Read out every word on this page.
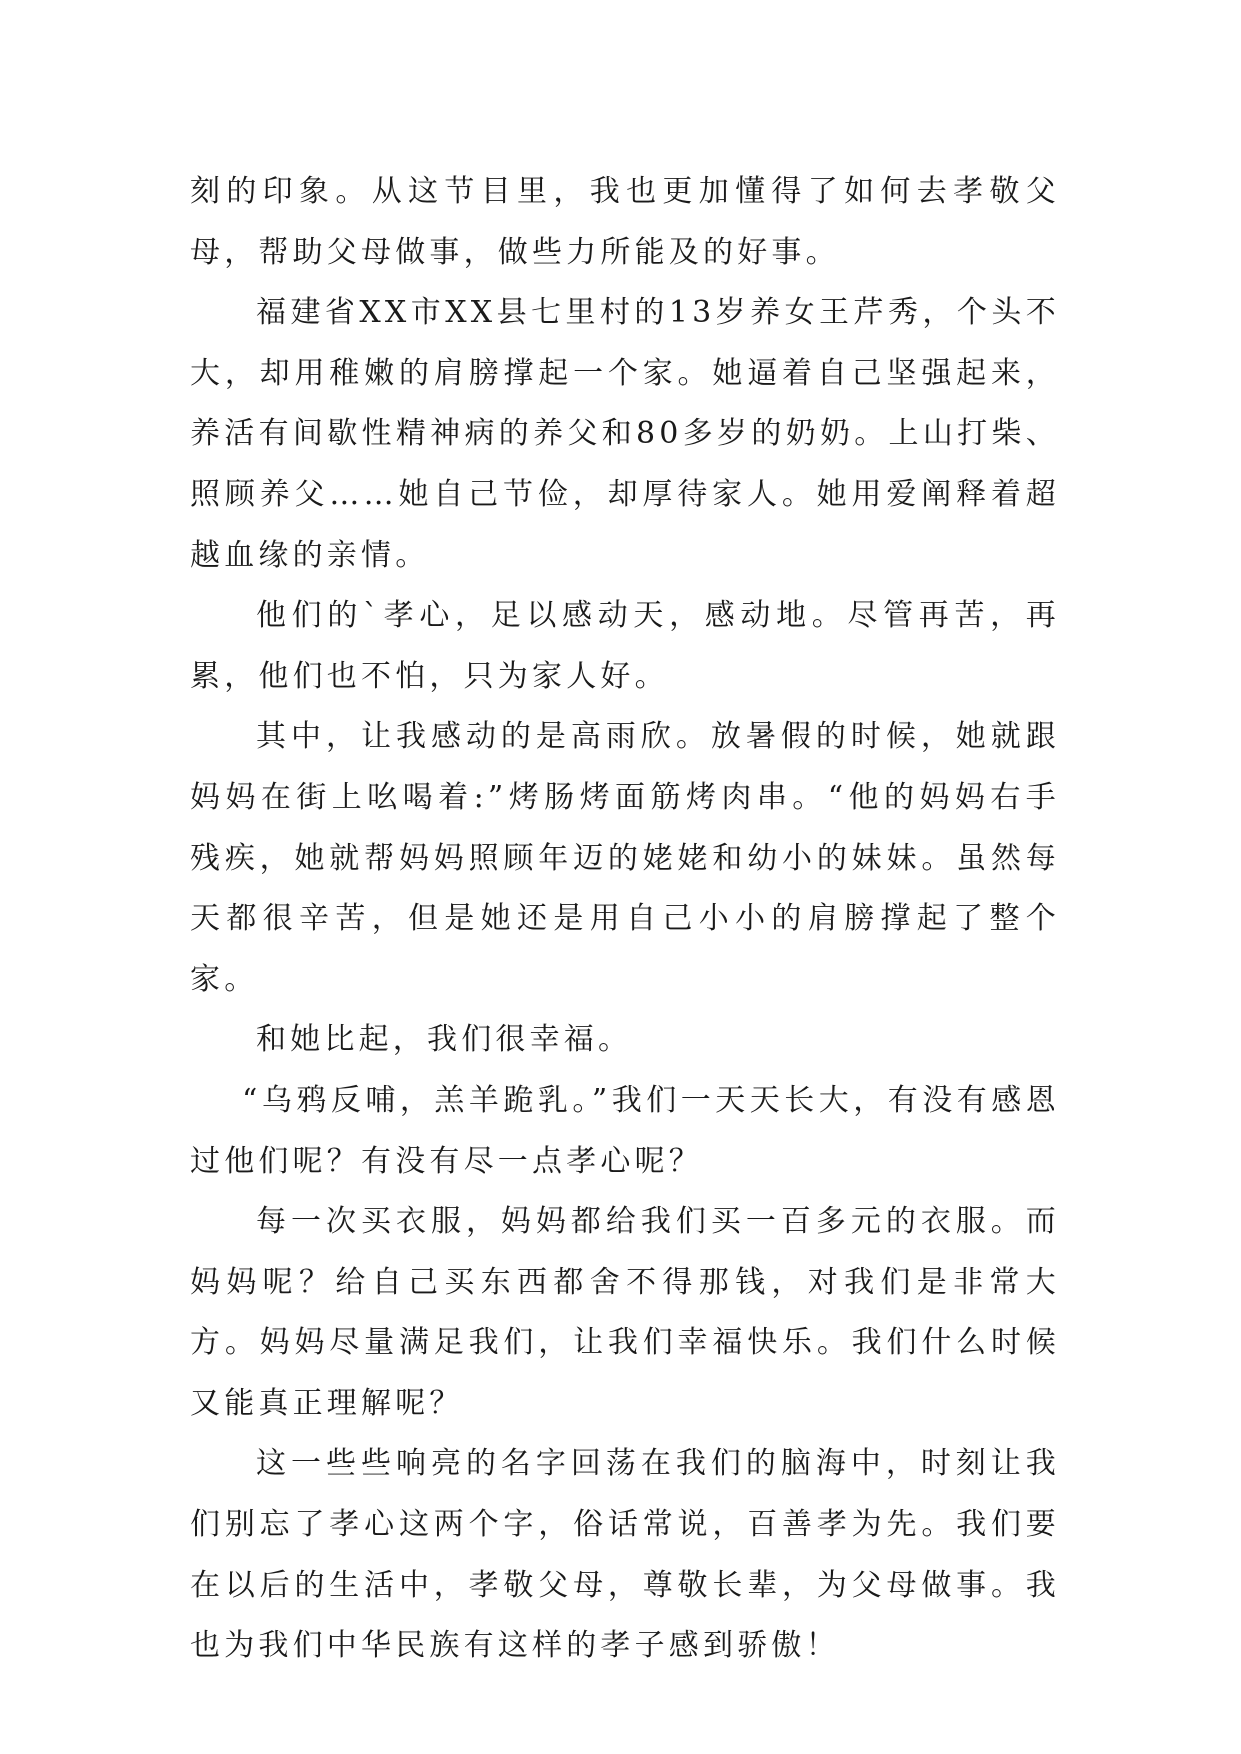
刻的印象。从这节目里，我也更加懂得了如何去孝敬父母，帮助父母做事，做些力所能及的好事。

福建省XX市XX县七里村的13岁养女王芹秀，个头不大，却用稚嫩的肩膀撑起一个家。她逼着自己坚强起来，养活有间歇性精神病的养父和80多岁的奶奶。上山打柴、照顾养父……她自己节俭，却厚待家人。她用爱阐释着超越血缘的亲情。

他们的`孝心，足以感动天，感动地。尽管再苦，再累，他们也不怕，只为家人好。

其中，让我感动的是高雨欣。放暑假的时候，她就跟妈妈在街上吆喝着:”烤肠烤面筋烤肉串。“他的妈妈右手残疾，她就帮妈妈照顾年迈的姥姥和幼小的妹妹。虽然每天都很辛苦，但是她还是用自己小小的肩膀撑起了整个家。

和她比起，我们很幸福。

“乌鸦反哺，羔羊跪乳。”我们一天天长大，有没有感恩过他们呢？有没有尽一点孝心呢？

每一次买衣服，妈妈都给我们买一百多元的衣服。而妈妈呢？给自己买东西都舍不得那钱，对我们是非常大方。妈妈尽量满足我们，让我们幸福快乐。我们什么时候又能真正理解呢？

这一些些响亮的名字回荡在我们的脑海中，时刻让我们别忘了孝心这两个字，俗话常说，百善孝为先。我们要在以后的生活中，孝敬父母，尊敬长辈，为父母做事。我也为我们中华民族有这样的孝子感到骄傲！
